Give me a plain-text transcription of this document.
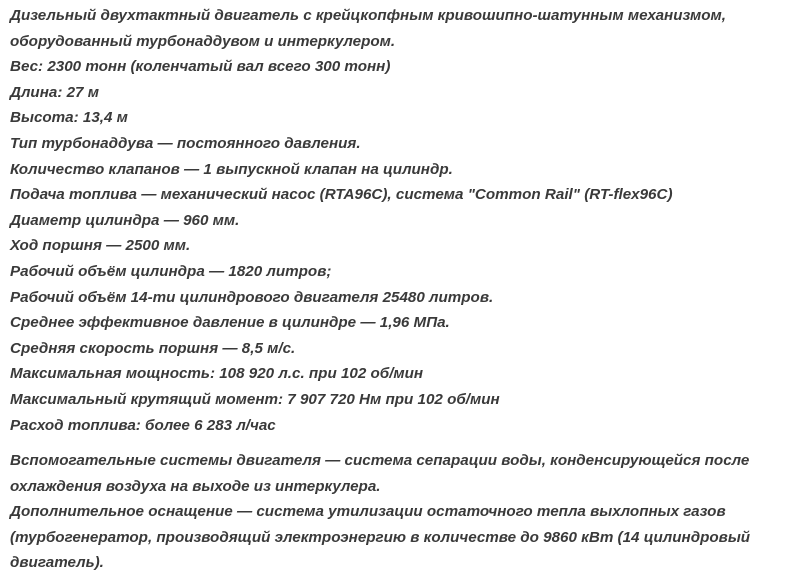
Дизельный двухтактный двигатель с крейцкопфным кривошипно-шатунным механизмом, оборудованный турбонаддувом и интеркулером.

Вес: 2300 тонн (коленчатый вал всего 300 тонн)

Длина: 27 м

Высота: 13,4 м

Тип турбонаддува — постоянного давления.

Количество клапанов — 1 выпускной клапан на цилиндр.

Подача топлива — механический насос (RTA96C), система "Common Rail" (RT-flex96C)

Диаметр цилиндра — 960 мм.

Ход поршня — 2500 мм.

Рабочий объём цилиндра — 1820 литров;

Рабочий объём 14-ти цилиндрового двигателя 25480 литров.

Среднее эффективное давление в цилиндре — 1,96 МПа.

Средняя скорость поршня — 8,5 м/с.

Максимальная мощность: 108 920 л.с. при 102 об/мин

Максимальный крутящий момент: 7 907 720 Нм при 102 об/мин

Расход топлива: более 6 283 л/час

Вспомогательные системы двигателя — система сепарации воды, конденсирующейся после охлаждения воздуха на выходе из интеркулера.

Дополнительное оснащение — система утилизации остаточного тепла выхлопных газов (турбогенератор, производящий электроэнергию в количестве до 9860 кВт (14 цилиндровый двигатель).
